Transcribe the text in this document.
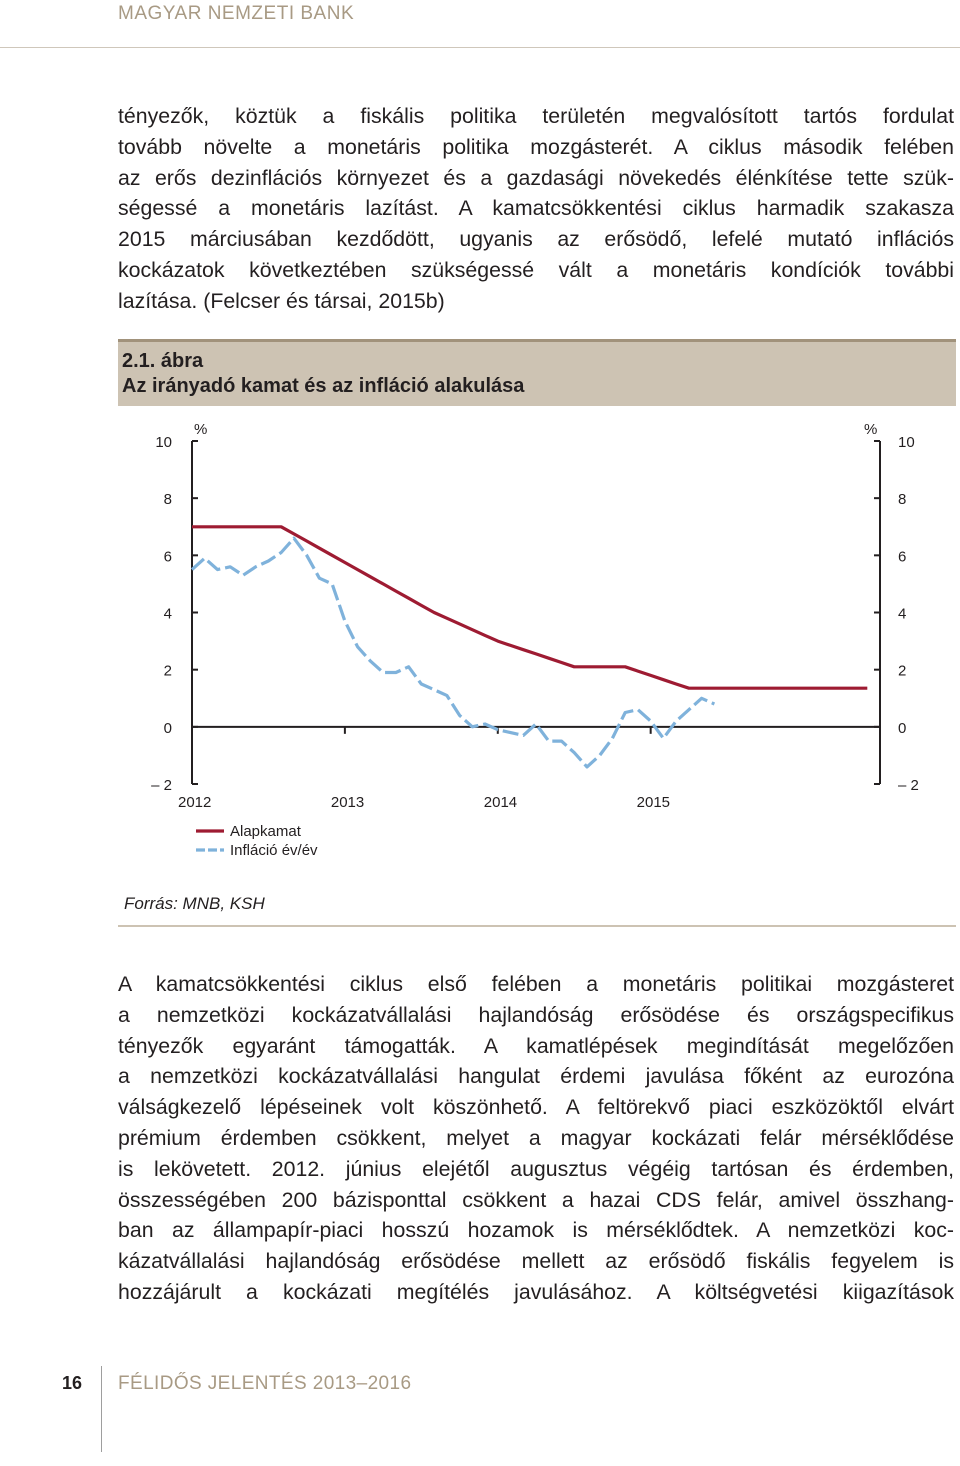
MAGYAR NEMZETI BANK

tényezők, köztük a fiskális politika területén megvalósított tartós fordulat
tovább növelte a monetáris politika mozgásterét. A ciklus második felében
az erős dezinflációs környezet és a gazdasági növekedés élénkítése tette szük-
ségessé a monetáris lazítást. A kamatcsökkentési ciklus harmadik szakasza
2015 márciusában kezdődött, ugyanis az erősödő, lefelé mutató inflációs
kockázatok következtében szükségessé vált a monetáris kondíciók további
lazítása. (Felcser és társai, 2015b)

2.1. ábra
Az irányadó kamat és az infláció alakulása
10	10
8	8
6	6
4	4
2	2
0	0
– 2	– 2
%	%
2012	2013	2014	2015
Alapkamat
Infláció év/év
Forrás: MNB, KSH

A kamatcsökkentési ciklus első felében a monetáris politikai mozgásteret
a nemzetközi kockázatvállalási hajlandóság erősödése és országspecifikus
tényezők egyaránt támogatták. A kamatlépések megindítását megelőzően
a nemzetközi kockázatvállalási hangulat érdemi javulása főként az eurozóna
válságkezelő lépéseinek volt köszönhető. A feltörekvő piaci eszközöktől elvárt
prémium érdemben csökkent, melyet a magyar kockázati felár mérséklődése
is lekövetett. 2012. június elejétől augusztus végéig tartósan és érdemben,
összességében 200 bázisponttal csökkent a hazai CDS felár, amivel összhang-
ban az állampapír-piaci hosszú hozamok is mérséklődtek. A nemzetközi koc-
kázatvállalási hajlandóság erősödése mellett az erősödő fiskális fegyelem is
hozzájárult a kockázati megítélés javulásához. A költségvetési kiigazítások

16 FÉLIDŐS JELENTÉS 2013–2016
